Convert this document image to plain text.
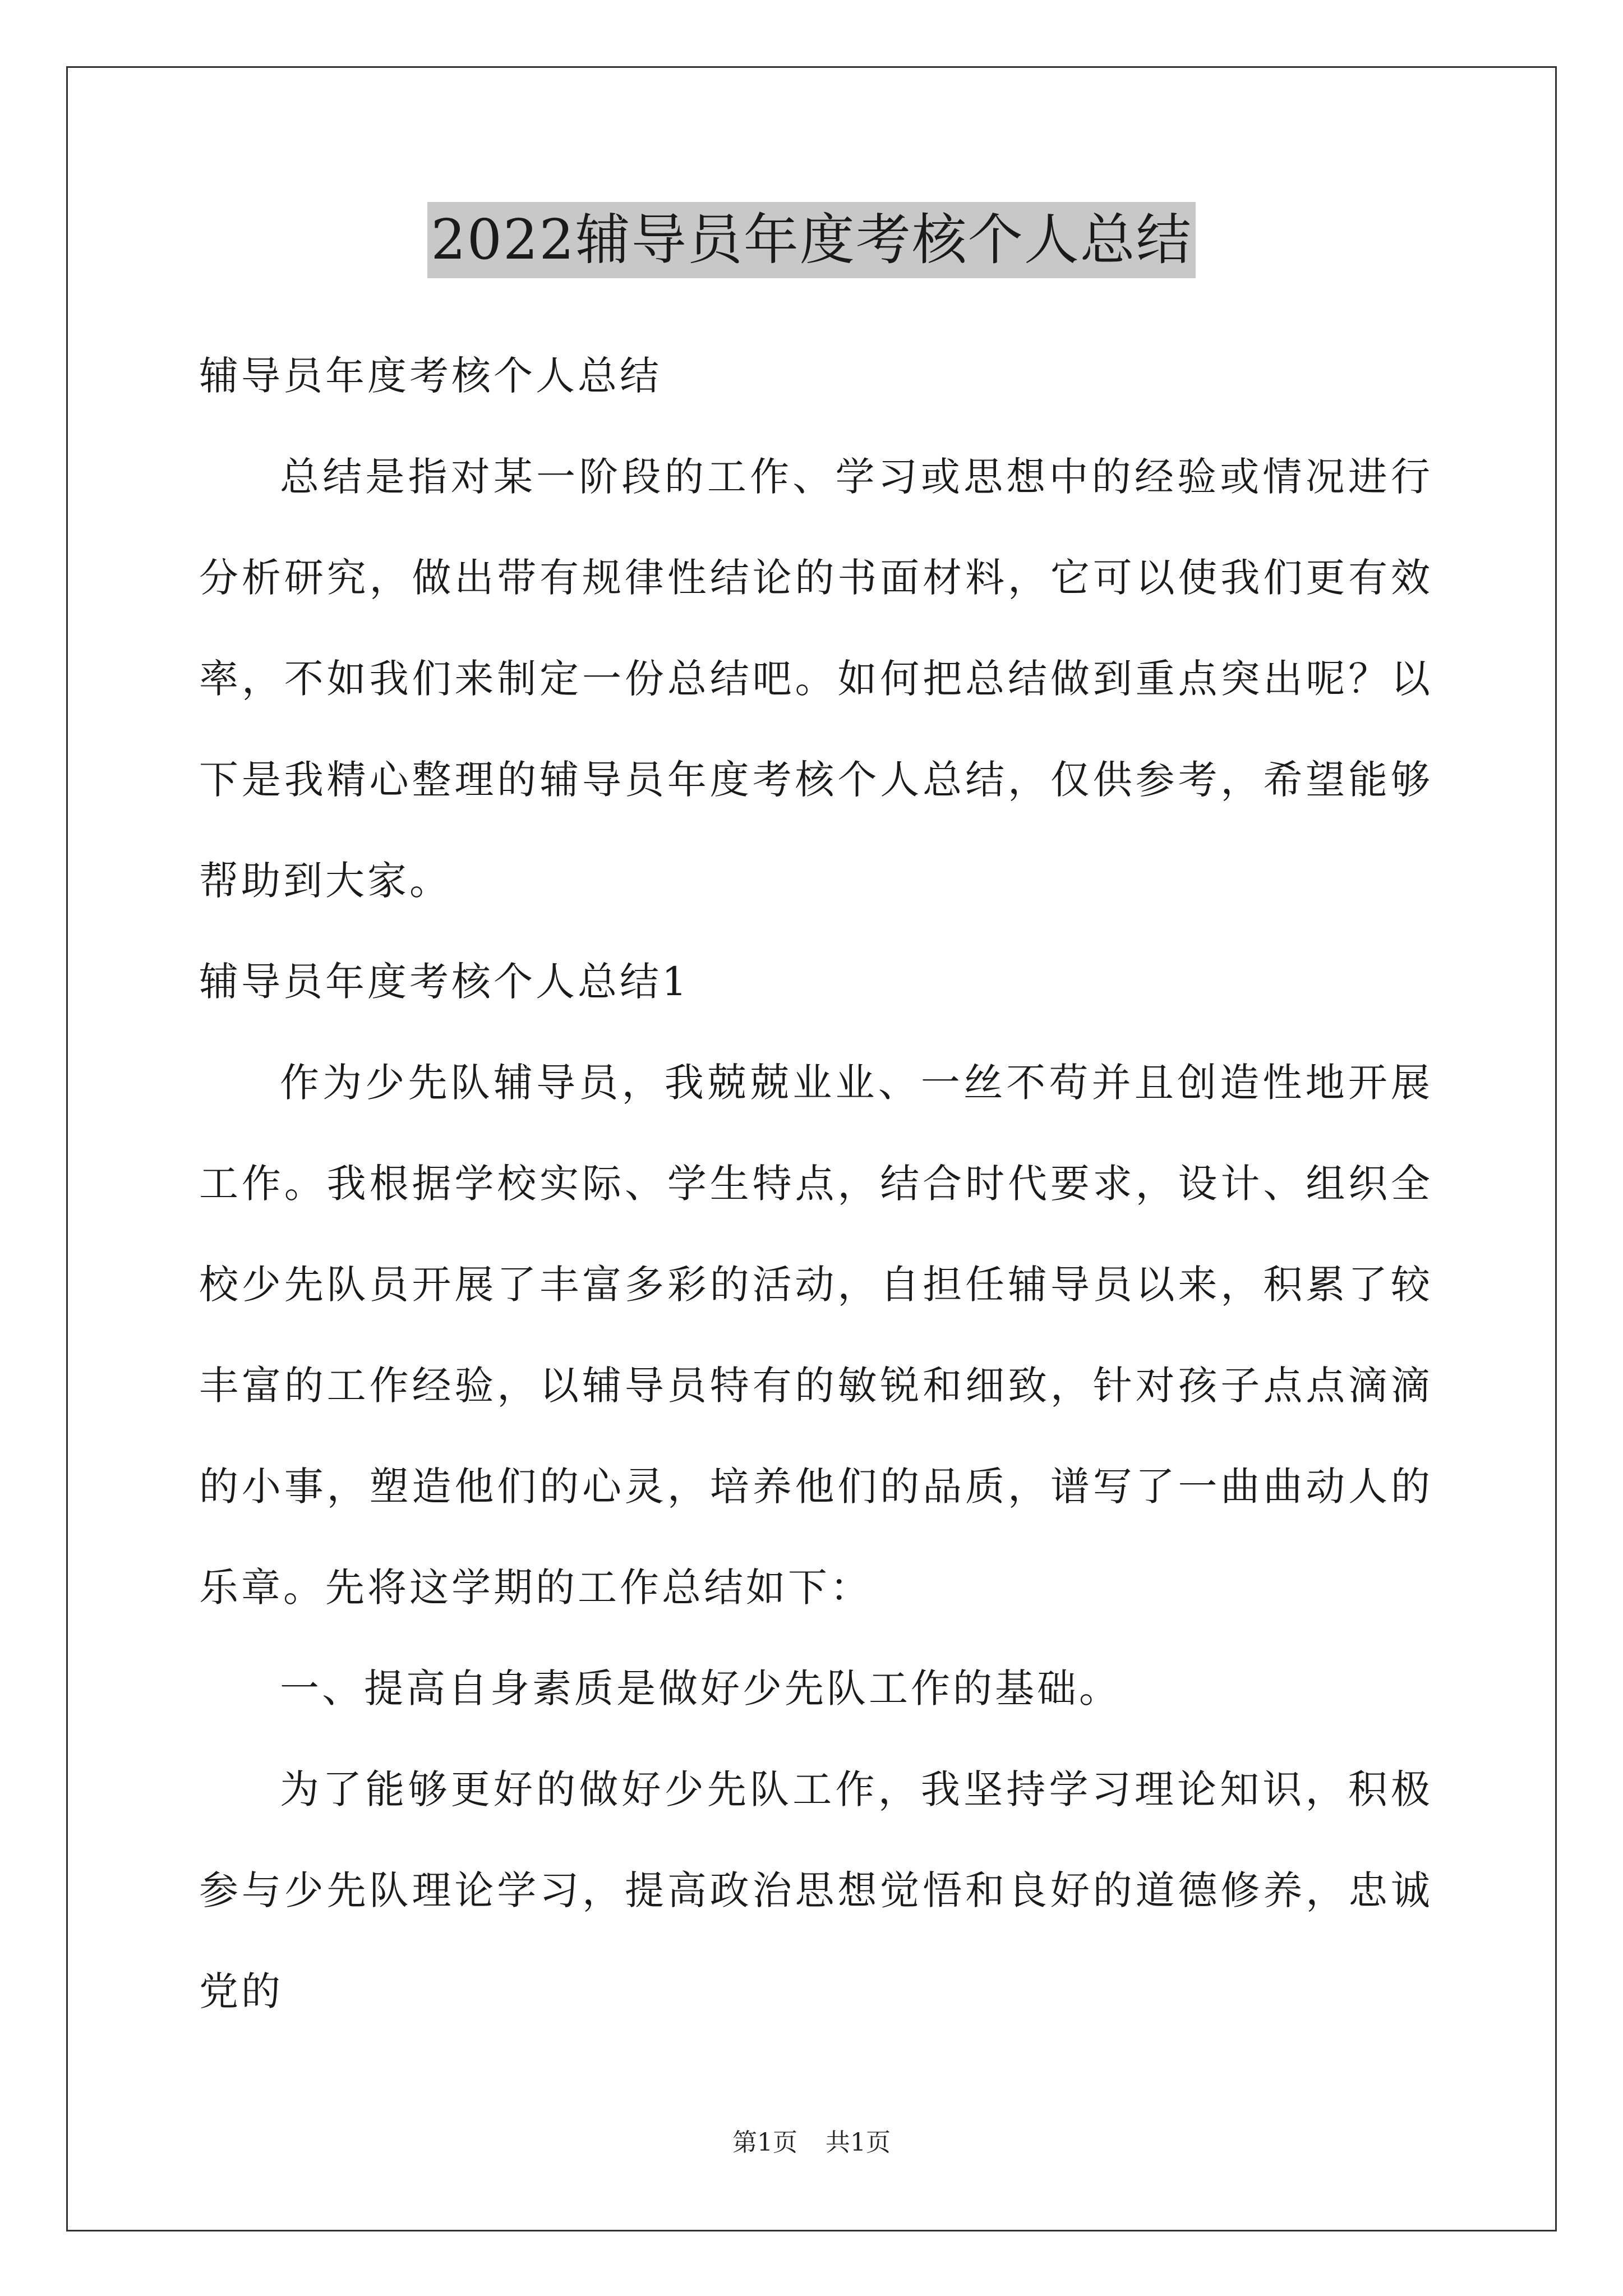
2022辅导员年度考核个人总结

辅导员年度考核个人总结

总结是指对某一阶段的工作、学习或思想中的经验或情况进行分析研究，做出带有规律性结论的书面材料，它可以使我们更有效率，不如我们来制定一份总结吧。如何把总结做到重点突出呢？以下是我精心整理的辅导员年度考核个人总结，仅供参考，希望能够帮助到大家。

辅导员年度考核个人总结1

作为少先队辅导员，我兢兢业业、一丝不苟并且创造性地开展工作。我根据学校实际、学生特点，结合时代要求，设计、组织全校少先队员开展了丰富多彩的活动，自担任辅导员以来，积累了较丰富的工作经验，以辅导员特有的敏锐和细致，针对孩子点点滴滴的小事，塑造他们的心灵，培养他们的品质，谱写了一曲曲动人的乐章。先将这学期的工作总结如下：

一、提高自身素质是做好少先队工作的基础。

为了能够更好的做好少先队工作，我坚持学习理论知识，积极参与少先队理论学习，提高政治思想觉悟和良好的道德修养，忠诚党的

第1页 共1页
